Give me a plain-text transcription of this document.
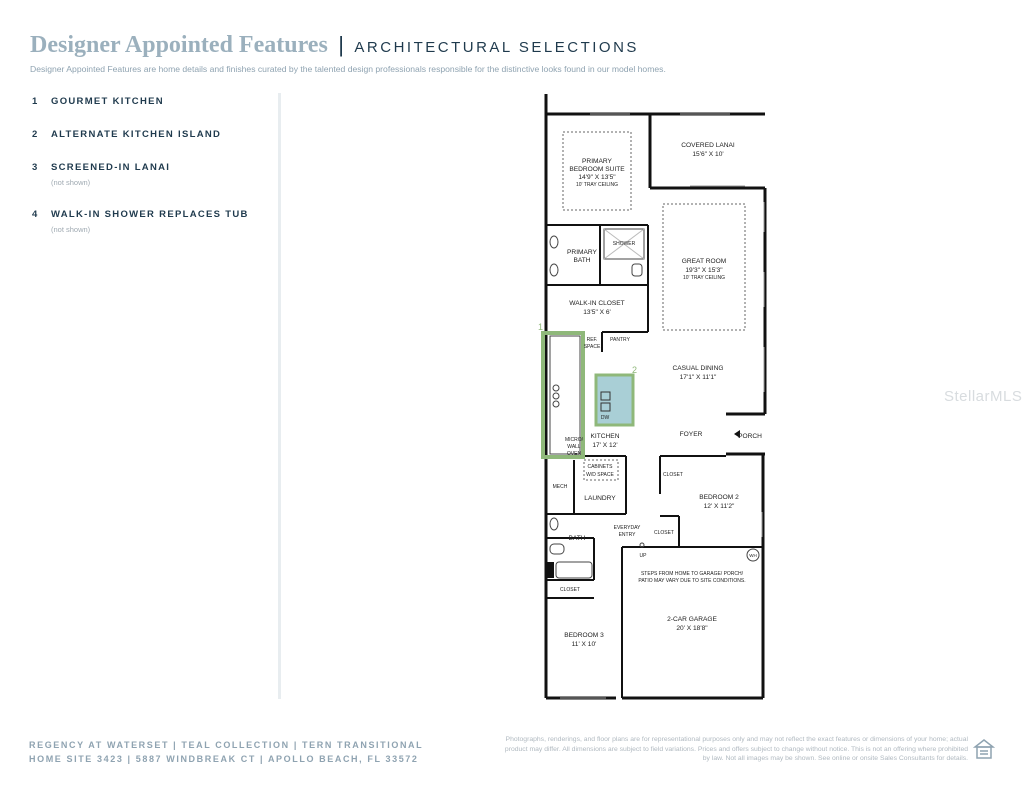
Designer Appointed Features | ARCHITECTURAL SELECTIONS
Designer Appointed Features are home details and finishes curated by the talented design professionals responsible for the distinctive looks found in our model homes.
1 GOURMET KITCHEN
2 ALTERNATE KITCHEN ISLAND
3 SCREENED-IN LANAI
(not shown)
4 WALK-IN SHOWER REPLACES TUB
(not shown)
COVERED LANAI
15'6" X 10'
PRIMARY
BEDROOM SUITE
14'9" X 13'5"
10' TRAY CEILING
GREAT ROOM
19'3" X 15'3"
10' TRAY CEILING
PRIMARY
BATH
SHOWER
WALK-IN CLOSET
13'5" X 6'
REF.
SPACE
PANTRY
CASUAL DINING
17'1" X 11'1"
KITCHEN
17' X 12'
MICRO/
WALL
OVEN
DW
FOYER	PORCH
CABINETS
W/D SPACE
MECH
LAUNDRY
CLOSET
BEDROOM 2
12' X 11'2"
CLOSET
EVERYDAY
ENTRY
BATH
UP	WH
STEPS FROM HOME TO GARAGE/ PORCH/
PATIO MAY VARY DUE TO SITE CONDITIONS.
CLOSET
2-CAR GARAGE
20' X 18'8"
BEDROOM 3
11' X 10'
1
2
StellarMLS
REGENCY AT WATERSET | TEAL COLLECTION | TERN TRANSITIONAL
HOME SITE 3423 | 5887 WINDBREAK CT | APOLLO BEACH, FL 33572
Photographs, renderings, and floor plans are for representational purposes only and may not reflect the exact features or dimensions of your home; actual product may differ. All dimensions are subject to field variations. Prices and offers subject to change without notice. This is not an offering where prohibited by law. Not all images may be shown. See online or onsite Sales Consultants for details.
